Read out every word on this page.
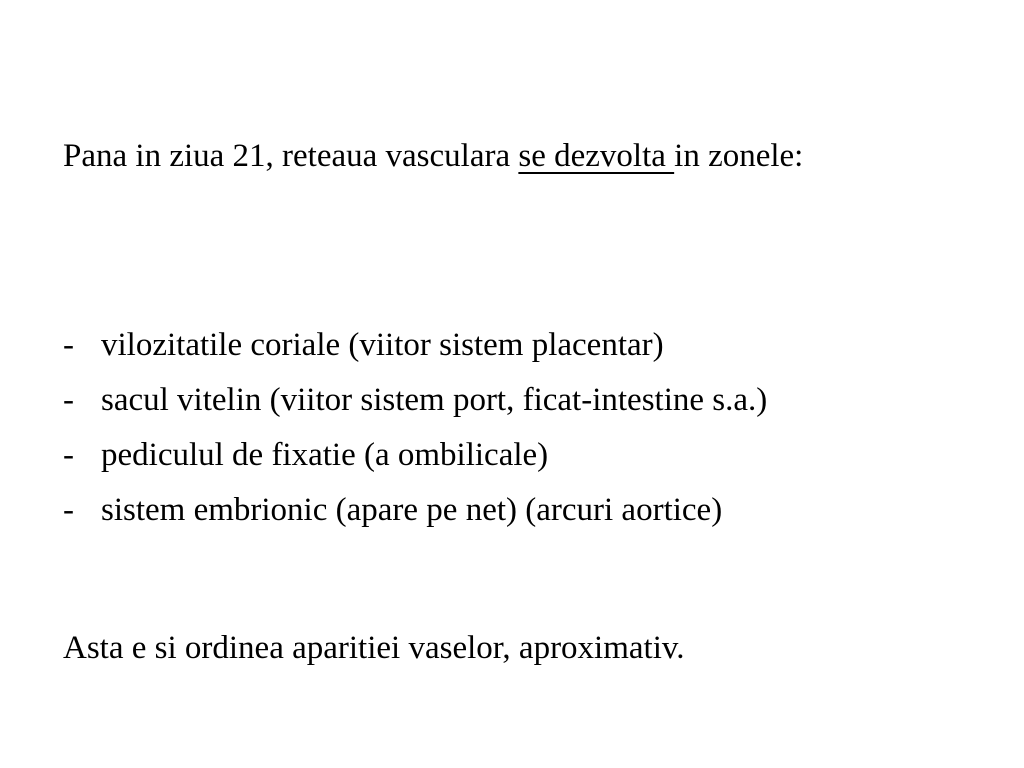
Pana in ziua 21, reteaua vasculara se dezvolta in zonele:

- vilozitatile coriale (viitor sistem placentar)
- sacul vitelin (viitor sistem port, ficat-intestine s.a.)
- pediculul de fixatie (a ombilicale)
- sistem embrionic (apare pe net) (arcuri aortice)

Asta e si ordinea aparitiei vaselor, aproximativ.
